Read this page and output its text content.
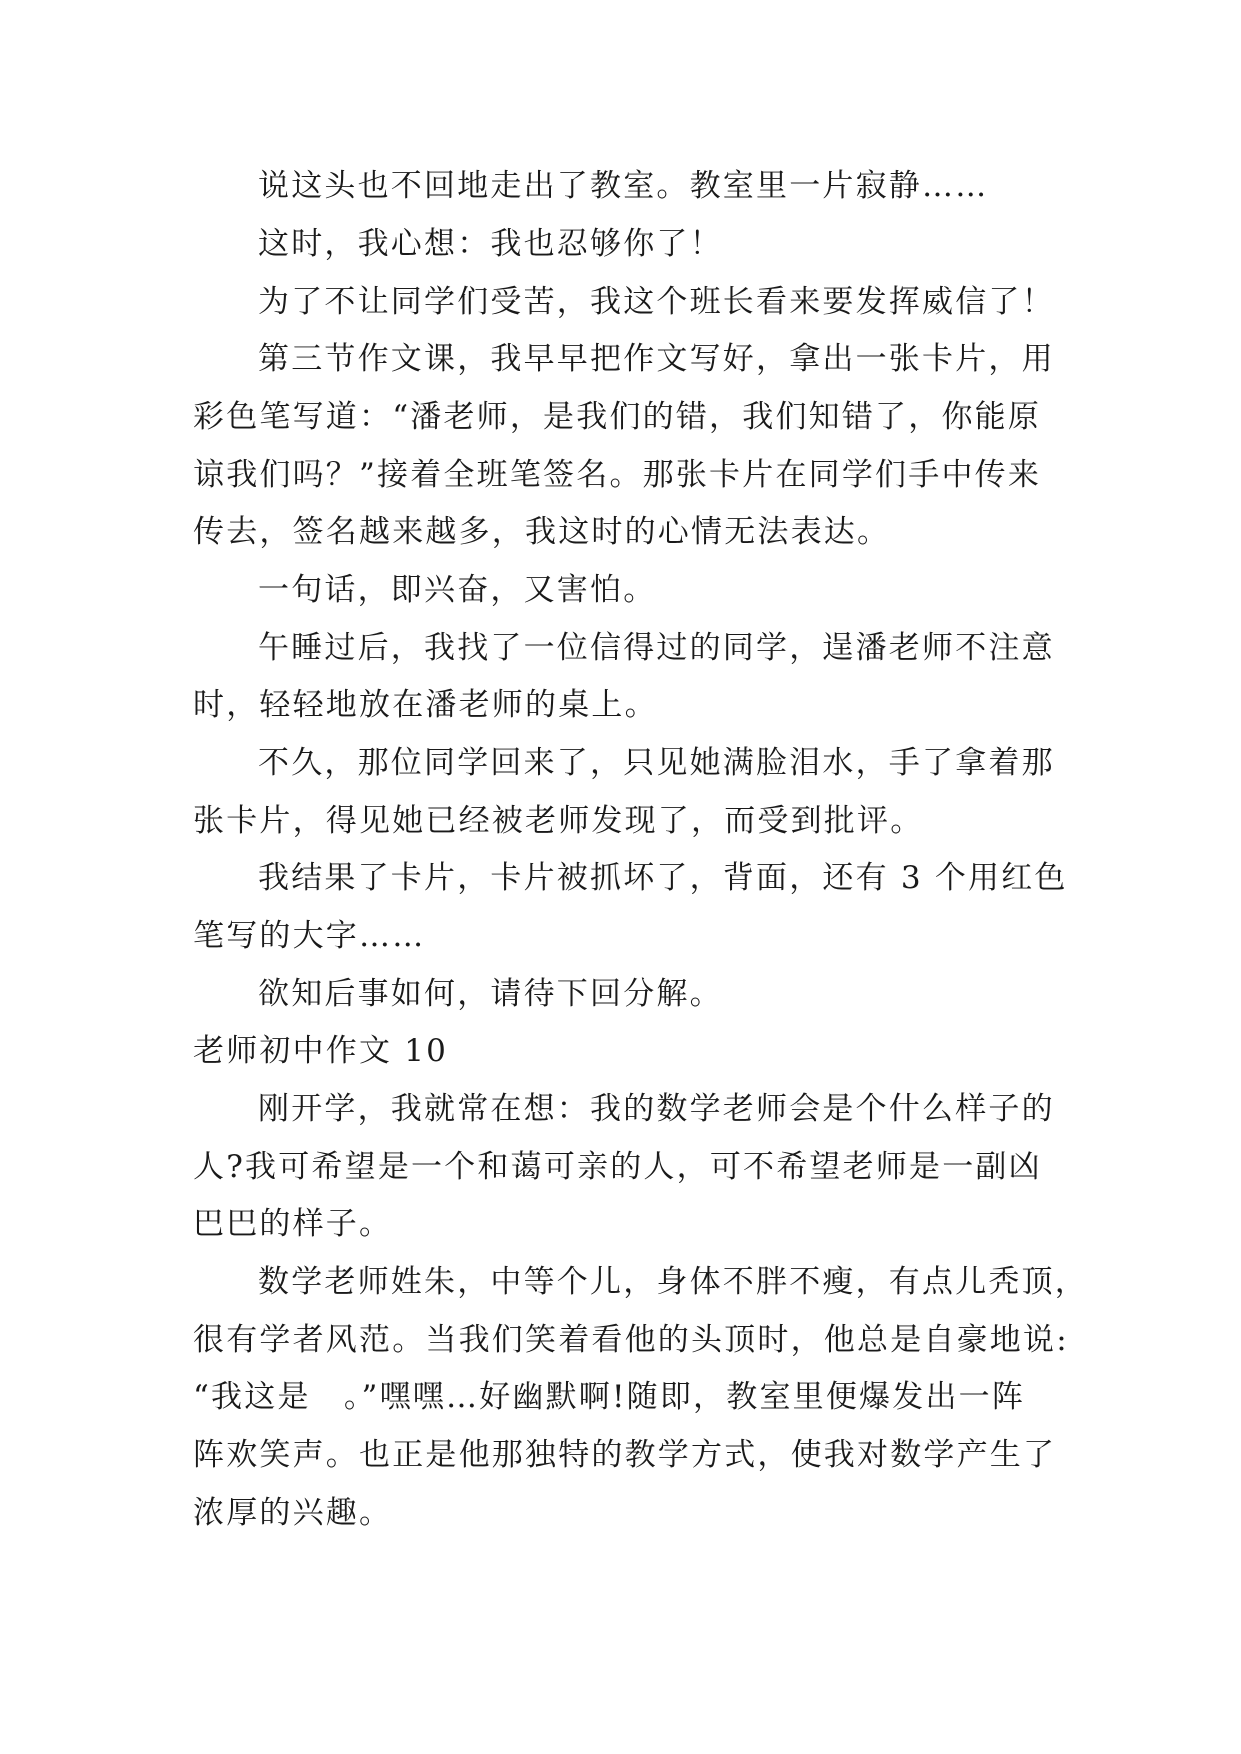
说这头也不回地走出了教室。教室里一片寂静……
这时，我心想：我也忍够你了！
为了不让同学们受苦，我这个班长看来要发挥威信了！
第三节作文课，我早早把作文写好，拿出一张卡片，用
彩色笔写道：“潘老师，是我们的错，我们知错了，你能原
谅我们吗？”接着全班笔签名。那张卡片在同学们手中传来
传去，签名越来越多，我这时的心情无法表达。
一句话，即兴奋，又害怕。
午睡过后，我找了一位信得过的同学，逞潘老师不注意
时，轻轻地放在潘老师的桌上。
不久，那位同学回来了，只见她满脸泪水，手了拿着那
张卡片，得见她已经被老师发现了，而受到批评。
我结果了卡片，卡片被抓坏了，背面，还有 3 个用红色
笔写的大字……
欲知后事如何，请待下回分解。
老师初中作文 10
刚开学，我就常在想：我的数学老师会是个什么样子的
人?我可希望是一个和蔼可亲的人，可不希望老师是一副凶
巴巴的样子。
数学老师姓朱，中等个儿，身体不胖不瘦，有点儿秃顶，
很有学者风范。当我们笑着看他的头顶时，他总是自豪地说:
“我这是　。”嘿嘿…好幽默啊!随即，教室里便爆发出一阵
阵欢笑声。也正是他那独特的教学方式，使我对数学产生了
浓厚的兴趣。
